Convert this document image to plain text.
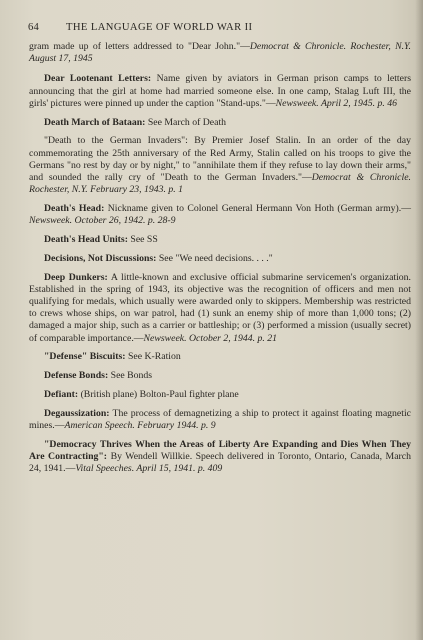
64	THE LANGUAGE OF WORLD WAR II

gram made up of letters addressed to "Dear John."—Democrat & Chronicle. Rochester, N.Y. August 17, 1945

Dear Lootenant Letters: Name given by aviators in German prison camps to letters announcing that the girl at home had married someone else. In one camp, Stalag Luft III, the girls' pictures were pinned up under the caption "Stand-ups."—Newsweek. April 2, 1945. p. 46

Death March of Bataan: See March of Death

"Death to the German Invaders": By Premier Josef Stalin. In an order of the day commemorating the 25th anniversary of the Red Army, Stalin called on his troops to give the Germans "no rest by day or by night," to "annihilate them if they refuse to lay down their arms," and sounded the rally cry of "Death to the German Invaders."—Democrat & Chronicle. Rochester, N.Y. February 23, 1943. p. 1

Death's Head: Nickname given to Colonel General Hermann Von Hoth (German army).—Newsweek. October 26, 1942. p. 28-9

Death's Head Units: See SS

Decisions, Not Discussions: See "We need decisions. . . ."

Deep Dunkers: A little-known and exclusive official submarine servicemen's organization. Established in the spring of 1943, its objective was the recognition of officers and men not qualifying for medals, which usually were awarded only to skippers. Membership was restricted to crews whose ships, on war patrol, had (1) sunk an enemy ship of more than 1,000 tons; (2) damaged a major ship, such as a carrier or battleship; or (3) performed a mission (usually secret) of comparable importance.—Newsweek. October 2, 1944. p. 21

"Defense" Biscuits: See K-Ration

Defense Bonds: See Bonds

Defiant: (British plane) Bolton-Paul fighter plane

Degaussization: The process of demagnetizing a ship to protect it against floating magnetic mines.—American Speech. February 1944. p. 9

"Democracy Thrives When the Areas of Liberty Are Expanding and Dies When They Are Contracting": By Wendell Willkie. Speech delivered in Toronto, Ontario, Canada, March 24, 1941.—Vital Speeches. April 15, 1941. p. 409
